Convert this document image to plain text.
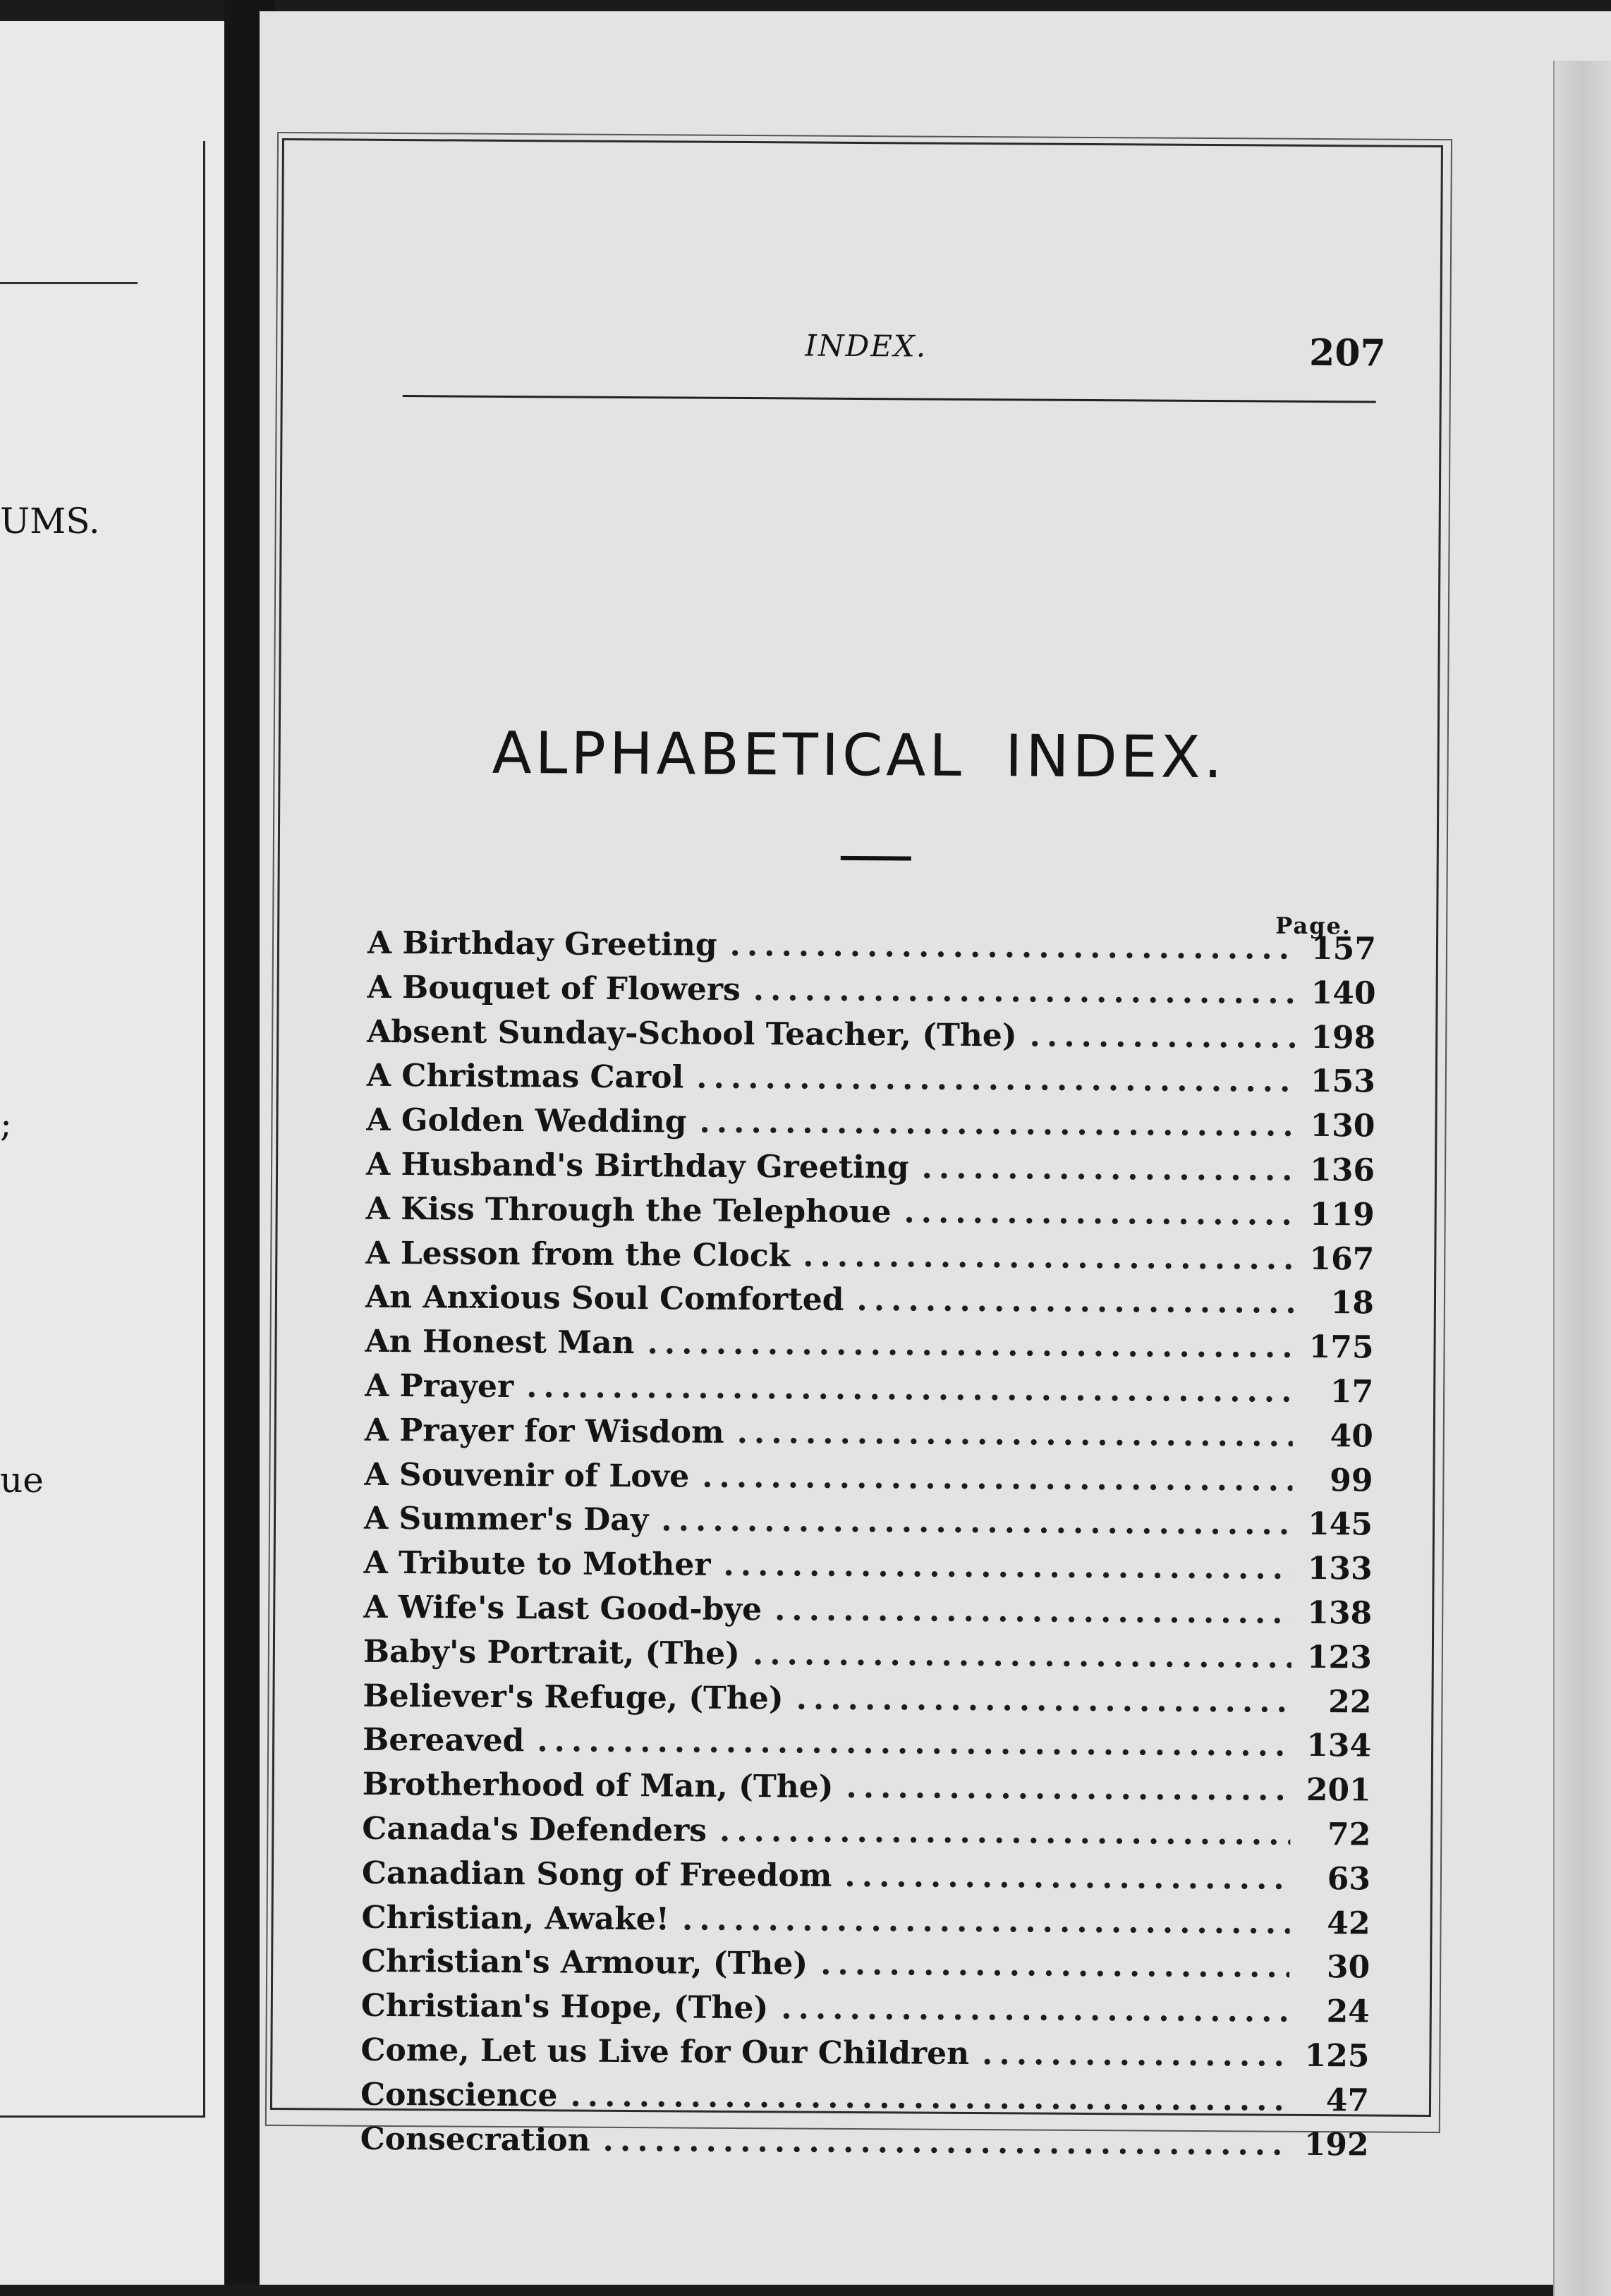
UMS.
;
ue
INDEX.	207
ALPHABETICAL INDEX.
Page.
A Birthday Greeting .....	157
A Bouquet of Flowers .....	140
Absent Sunday-School Teacher, (The) .....	198
A Christmas Carol .....	153
A Golden Wedding .....	130
A Husband's Birthday Greeting .....	136
A Kiss Through the Telephoue .....	119
A Lesson from the Clock .....	167
An Anxious Soul Comforted .....	18
An Honest Man .....	175
A Prayer .....	17
A Prayer for Wisdom .....	40
A Souvenir of Love .....	99
A Summer's Day .....	145
A Tribute to Mother .....	133
A Wife's Last Good-bye .....	138
Baby's Portrait, (The) .....	123
Believer's Refuge, (The) .....	22
Bereaved .....	134
Brotherhood of Man, (The) .....	201
Canada's Defenders .....	72
Canadian Song of Freedom .....	63
Christian, Awake! .....	42
Christian's Armour, (The) .....	30
Christian's Hope, (The) .....	24
Come, Let us Live for Our Children .....	125
Conscience .....	47
Consecration .....	192
